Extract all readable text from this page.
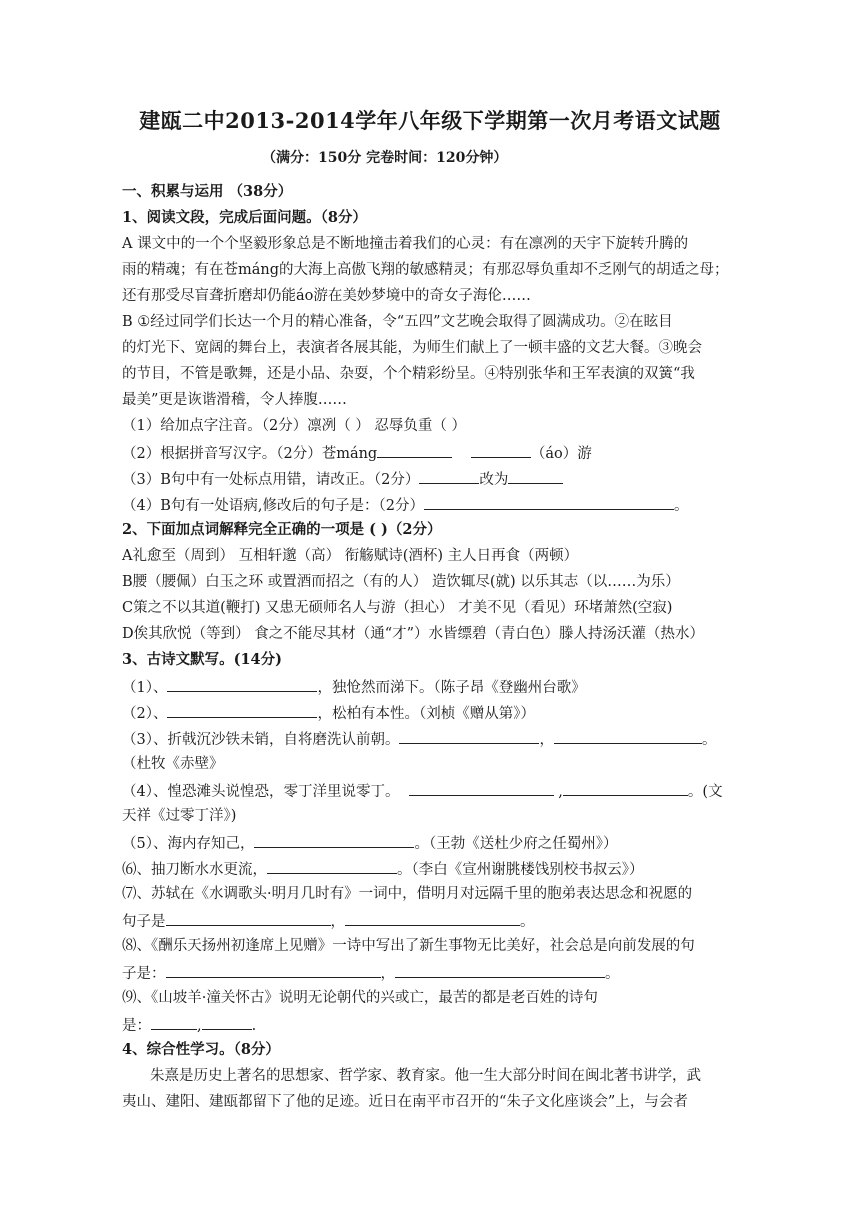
建瓯二中2013-2014学年八年级下学期第一次月考语文试题
（满分：150分 完卷时间：120分钟）
一、积累与运用 （38分）
1、阅读文段，完成后面问题。（8分）
A 课文中的一个个坚毅形象总是不断地撞击着我们的心灵：有在凛冽的天宇下旋转升腾的
雨的精魂；有在苍máng的大海上高傲飞翔的敏感精灵；有那忍辱负重却不乏刚气的胡适之母；
还有那受尽盲聋折磨却仍能áo游在美妙梦境中的奇女子海伦……
B ①经过同学们长达一个月的精心准备，令“五四”文艺晚会取得了圆满成功。②在眩目
的灯光下、宽阔的舞台上，表演者各展其能，为师生们献上了一顿丰盛的文艺大餐。③晚会
的节目，不管是歌舞，还是小品、杂耍，个个精彩纷呈。④特别张华和王军表演的双簧“我
最美”更是诙谐滑稽，令人捧腹……
（1）给加点字注音。（2分）凛冽（ ） 忍辱负重（ ）
（2）根据拼音写汉字。（2分）苍máng	（áo）游
（3）B句中有一处标点用错，请改正。（2分）	改为
（4）B句有一处语病,修改后的句子是：（2分）	。
2、下面加点词解释完全正确的一项是 ( )（2分）
A礼愈至（周到） 互相轩邈（高） 衔觞赋诗(酒杯) 主人日再食（两顿）
B腰（腰佩）白玉之环 或置酒而招之（有的人） 造饮辄尽(就) 以乐其志（以……为乐）
C策之不以其道(鞭打) 又患无硕师名人与游（担心） 才美不见（看见）环堵萧然(空寂)
D俟其欣悦（等到） 食之不能尽其材（通“才”）水皆缥碧（青白色）滕人持汤沃灌（热水）
3、古诗文默写。(14分)
（1）、	，独怆然而涕下。（陈子昂《登幽州台歌》
（2）、	，松柏有本性。（刘桢《赠从第》）
（3）、折戟沉沙铁未销，自将磨洗认前朝。	，	。
（杜牧《赤壁》
（4）、惶恐滩头说惶恐，零丁洋里说零丁。	,	。(文
天祥《过零丁洋》)
（5）、海内存知己，	。（王勃《送杜少府之任蜀州》）
⑹、抽刀断水水更流，	。（李白《宣州谢朓楼饯别校书叔云》）
⑺、苏轼在《水调歌头·明月几时有》一词中，借明月对远隔千里的胞弟表达思念和祝愿的
句子是	，	。
⑻、《酬乐天扬州初逢席上见赠》一诗中写出了新生事物无比美好，社会总是向前发展的句
子是：	，	。
⑼、《山坡羊·潼关怀古》说明无论朝代的兴或亡，最苦的都是老百姓的诗句
是：	,	.
4、综合性学习。（8分）
朱熹是历史上著名的思想家、哲学家、教育家。他一生大部分时间在闽北著书讲学，武
夷山、建阳、建瓯都留下了他的足迹。近日在南平市召开的“朱子文化座谈会”上，与会者
